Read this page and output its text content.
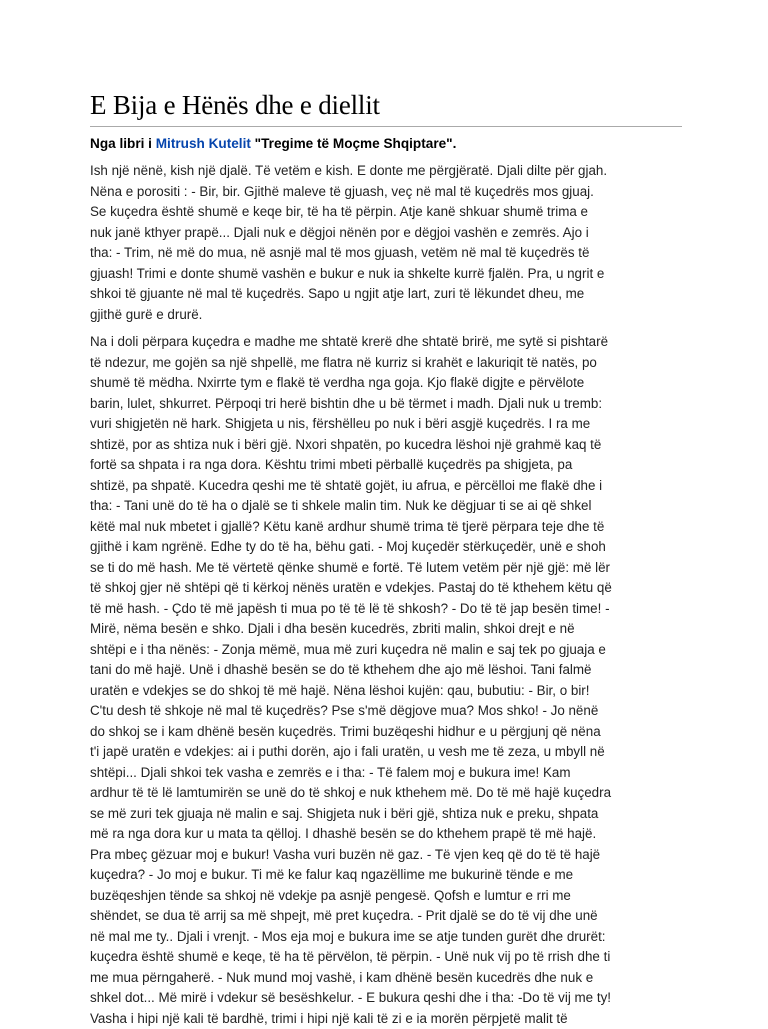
E Bija e Hënës dhe e diellit

Nga libri i Mitrush Kutelit "Tregime të Moçme Shqiptare".

Ish një nënë, kish një djalë. Të vetëm e kish. E donte me përgjëratë. Djali dilte për gjah.
Nëna e porositi : - Bir, bir. Gjithë maleve të gjuash, veç në mal të kuçedrës mos gjuaj.
Se kuçedra është shumë e keqe bir, të ha të përpin. Atje kanë shkuar shumë trima e
nuk janë kthyer prapë... Djali nuk e dëgjoi nënën por e dëgjoi vashën e zemrës. Ajo i
tha: - Trim, në më do mua, në asnjë mal të mos gjuash, vetëm në mal të kuçedrës të
gjuash! Trimi e donte shumë vashën e bukur e nuk ia shkelte kurrë fjalën. Pra, u ngrit e
shkoi të gjuante në mal të kuçedrës. Sapo u ngjit atje lart, zuri të lëkundet dheu, me
gjithë gurë e drurë.

Na i doli përpara kuçedra e madhe me shtatë krerë dhe shtatë brirë, me sytë si pishtarë
të ndezur, me gojën sa një shpellë, me flatra në kurriz si krahët e lakuriqit të natës, po
shumë të mëdha. Nxirrte tym e flakë të verdha nga goja. Kjo flakë digjte e përvëlote
barin, lulet, shkurret. Përpoqi tri herë bishtin dhe u bë tërmet i madh. Djali nuk u tremb:
vuri shigjetën në hark. Shigjeta u nis, fërshëlleu po nuk i bëri asgjë kuçedrës. I ra me
shtizë, por as shtiza nuk i bëri gjë. Nxori shpatën, po kucedra lëshoi një grahmë kaq të
fortë sa shpata i ra nga dora. Kështu trimi mbeti përballë kuçedrës pa shigjeta, pa
shtizë, pa shpatë. Kucedra qeshi me të shtatë gojët, iu afrua, e përcëlloi me flakë dhe i
tha: - Tani unë do të ha o djalë se ti shkele malin tim. Nuk ke dëgjuar ti se ai që shkel
këtë mal nuk mbetet i gjallë? Këtu kanë ardhur shumë trima të tjerë përpara teje dhe të
gjithë i kam ngrënë. Edhe ty do të ha, bëhu gati. - Moj kuçedër stërkuçedër, unë e shoh
se ti do më hash. Me të vërtetë qënke shumë e fortë. Të lutem vetëm për një gjë: më lër
të shkoj gjer në shtëpi që ti kërkoj nënës uratën e vdekjes. Pastaj do të kthehem këtu që
të më hash. - Çdo të më japësh ti mua po të të lë të shkosh? - Do të të jap besën time! -
Mirë, nëma besën e shko. Djali i dha besën kucedrës, zbriti malin, shkoi drejt e në
shtëpi e i tha nënës: - Zonja mëmë, mua më zuri kuçedra në malin e saj tek po gjuaja e
tani do më hajë. Unë i dhashë besën se do të kthehem dhe ajo më lëshoi. Tani falmë
uratën e vdekjes se do shkoj të më hajë. Nëna lëshoi kujën: qau, bubutiu: - Bir, o bir!
C'tu desh të shkoje në mal të kuçedrës? Pse s'më dëgjove mua? Mos shko! - Jo nënë
do shkoj se i kam dhënë besën kuçedrës. Trimi buzëqeshi hidhur e u përgjunj që nëna
t'i japë uratën e vdekjes: ai i puthi dorën, ajo i fali uratën, u vesh me të zeza, u mbyll në
shtëpi... Djali shkoi tek vasha e zemrës e i tha: - Të falem moj e bukura ime! Kam
ardhur të të lë lamtumirën se unë do të shkoj e nuk kthehem më. Do të më hajë kuçedra
se më zuri tek gjuaja në malin e saj. Shigjeta nuk i bëri gjë, shtiza nuk e preku, shpata
më ra nga dora kur u mata ta qëlloj. I dhashë besën se do kthehem prapë të më hajë.
Pra mbeç gëzuar moj e bukur! Vasha vuri buzën në gaz. - Të vjen keq që do të të hajë
kuçedra? - Jo moj e bukur. Ti më ke falur kaq ngazëllime me bukurinë tënde e me
buzëqeshjen tënde sa shkoj në vdekje pa asnjë pengesë. Qofsh e lumtur e rri me
shëndet, se dua të arrij sa më shpejt, më pret kuçedra. - Prit djalë se do të vij dhe unë
në mal me ty.. Djali i vrenjt. - Mos eja moj e bukura ime se atje tunden gurët dhe drurët:
kuçedra është shumë e keqe, të ha të përvëlon, të përpin. - Unë nuk vij po të rrish dhe ti
me mua përngaherë. - Nuk mund moj vashë, i kam dhënë besën kucedrës dhe nuk e
shkel dot... Më mirë i vdekur së besëshkelur. - E bukura qeshi dhe i tha: -Do të vij me ty!
Vasha i hipi një kali të bardhë, trimi i hipi një kali të zi e ia morën përpjetë malit të
